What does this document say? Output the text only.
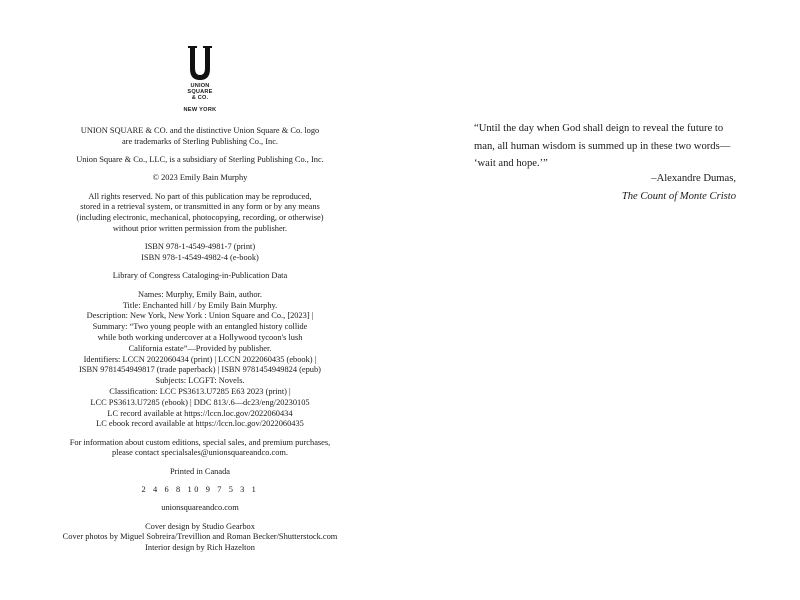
UNION
SQUARE
& CO.
NEW YORK

UNION SQUARE & CO. and the distinctive Union Square & Co. logo
are trademarks of Sterling Publishing Co., Inc.

Union Square & Co., LLC, is a subsidiary of Sterling Publishing Co., Inc.

© 2023 Emily Bain Murphy

All rights reserved. No part of this publication may be reproduced,
stored in a retrieval system, or transmitted in any form or by any means
(including electronic, mechanical, photocopying, recording, or otherwise)
without prior written permission from the publisher.

ISBN 978-1-4549-4981-7 (print)
ISBN 978-1-4549-4982-4 (e-book)

Library of Congress Cataloging-in-Publication Data

Names: Murphy, Emily Bain, author.
Title: Enchanted hill / by Emily Bain Murphy.
Description: New York, New York : Union Square and Co., [2023] |
Summary: “Two young people with an entangled history collide
while both working undercover at a Hollywood tycoon's lush
California estate”—Provided by publisher.
Identifiers: LCCN 2022060434 (print) | LCCN 2022060435 (ebook) |
ISBN 9781454949817 (trade paperback) | ISBN 9781454949824 (epub)
Subjects: LCGFT: Novels.
Classification: LCC PS3613.U7285 E63 2023 (print) |
LCC PS3613.U7285 (ebook) | DDC 813/.6—dc23/eng/20230105
LC record available at https://lccn.loc.gov/2022060434
LC ebook record available at https://lccn.loc.gov/2022060435

For information about custom editions, special sales, and premium purchases,
please contact specialsales@unionsquareandco.com.

Printed in Canada

2 4 6 8 10 9 7 5 3 1

unionsquareandco.com

Cover design by Studio Gearbox
Cover photos by Miguel Sobreira/Trevillion and Roman Becker/Shutterstock.com
Interior design by Rich Hazelton

“Until the day when God shall deign to reveal the future to
man, all human wisdom is summed up in these two words—
‘wait and hope.’”
–Alexandre Dumas,
The Count of Monte Cristo
